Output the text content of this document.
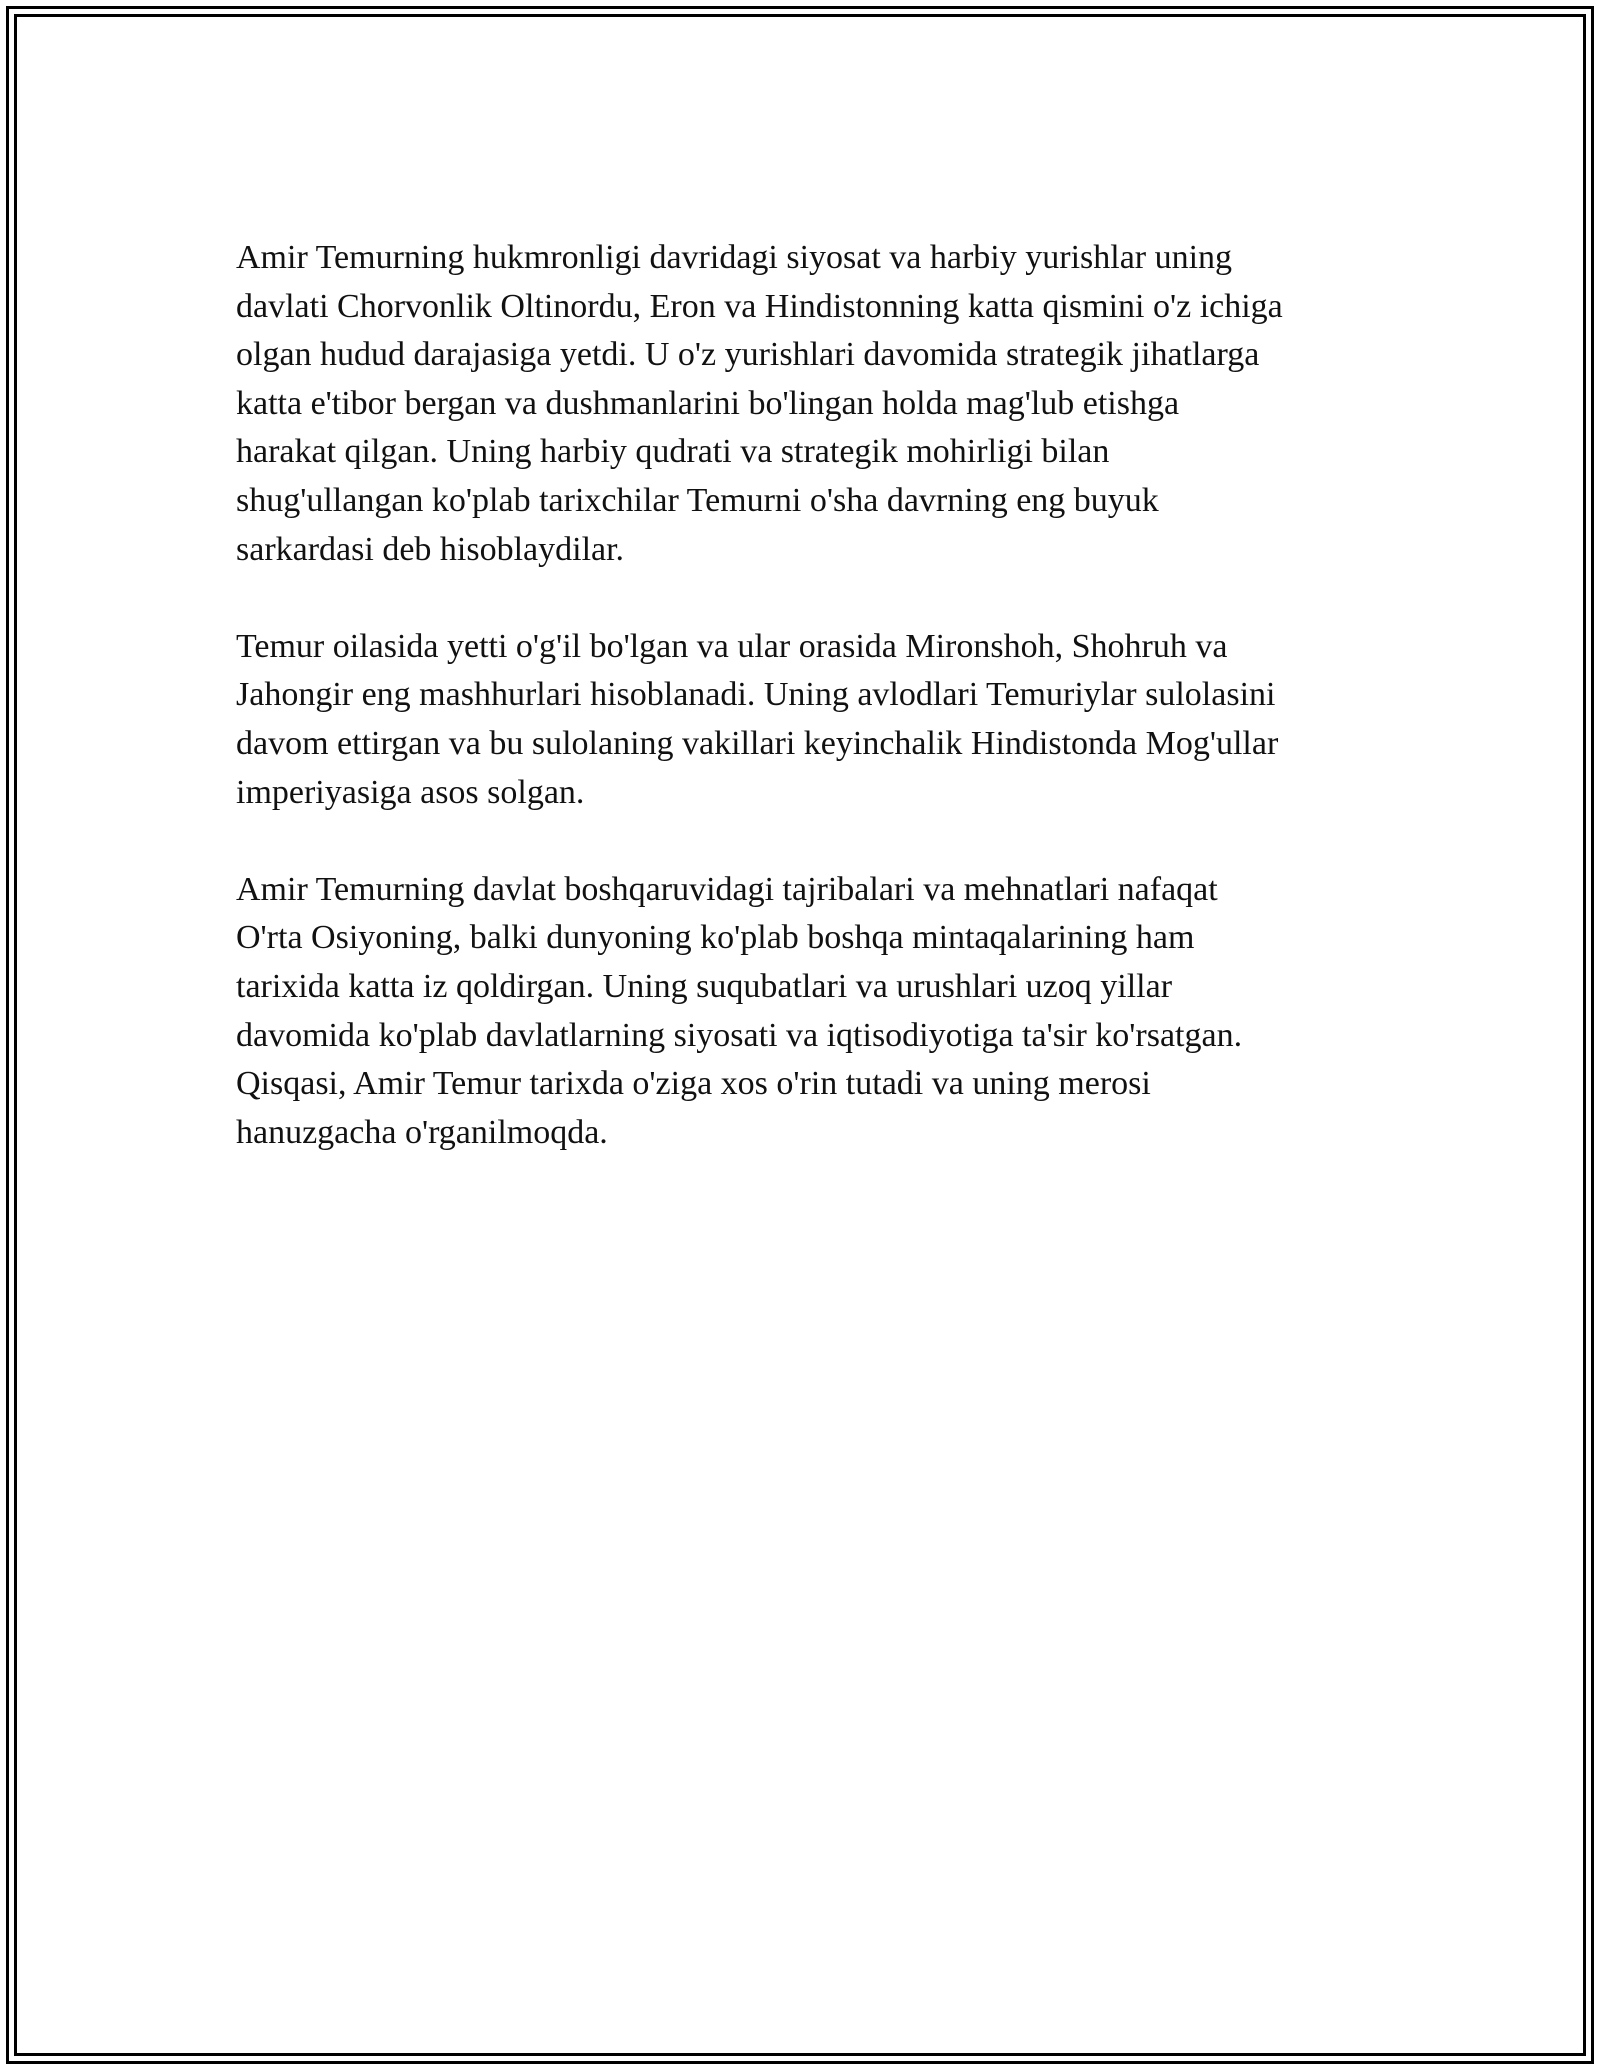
Amir Temurning hukmronligi davridagi siyosat va harbiy yurishlar uning
davlati Chorvonlik Oltinordu, Eron va Hindistonning katta qismini o'z ichiga
olgan hudud darajasiga yetdi. U o'z yurishlari davomida strategik jihatlarga
katta e'tibor bergan va dushmanlarini bo'lingan holda mag'lub etishga
harakat qilgan. Uning harbiy qudrati va strategik mohirligi bilan
shug'ullangan ko'plab tarixchilar Temurni o'sha davrning eng buyuk
sarkardasi deb hisoblaydilar.

Temur oilasida yetti o'g'il bo'lgan va ular orasida Mironshoh, Shohruh va
Jahongir eng mashhurlari hisoblanadi. Uning avlodlari Temuriylar sulolasini
davom ettirgan va bu sulolaning vakillari keyinchalik Hindistonda Mog'ullar
imperiyasiga asos solgan.

Amir Temurning davlat boshqaruvidagi tajribalari va mehnatlari nafaqat
O'rta Osiyoning, balki dunyoning ko'plab boshqa mintaqalarining ham
tarixida katta iz qoldirgan. Uning suqubatlari va urushlari uzoq yillar
davomida ko'plab davlatlarning siyosati va iqtisodiyotiga ta'sir ko'rsatgan.
Qisqasi, Amir Temur tarixda o'ziga xos o'rin tutadi va uning merosi
hanuzgacha o'rganilmoqda.
